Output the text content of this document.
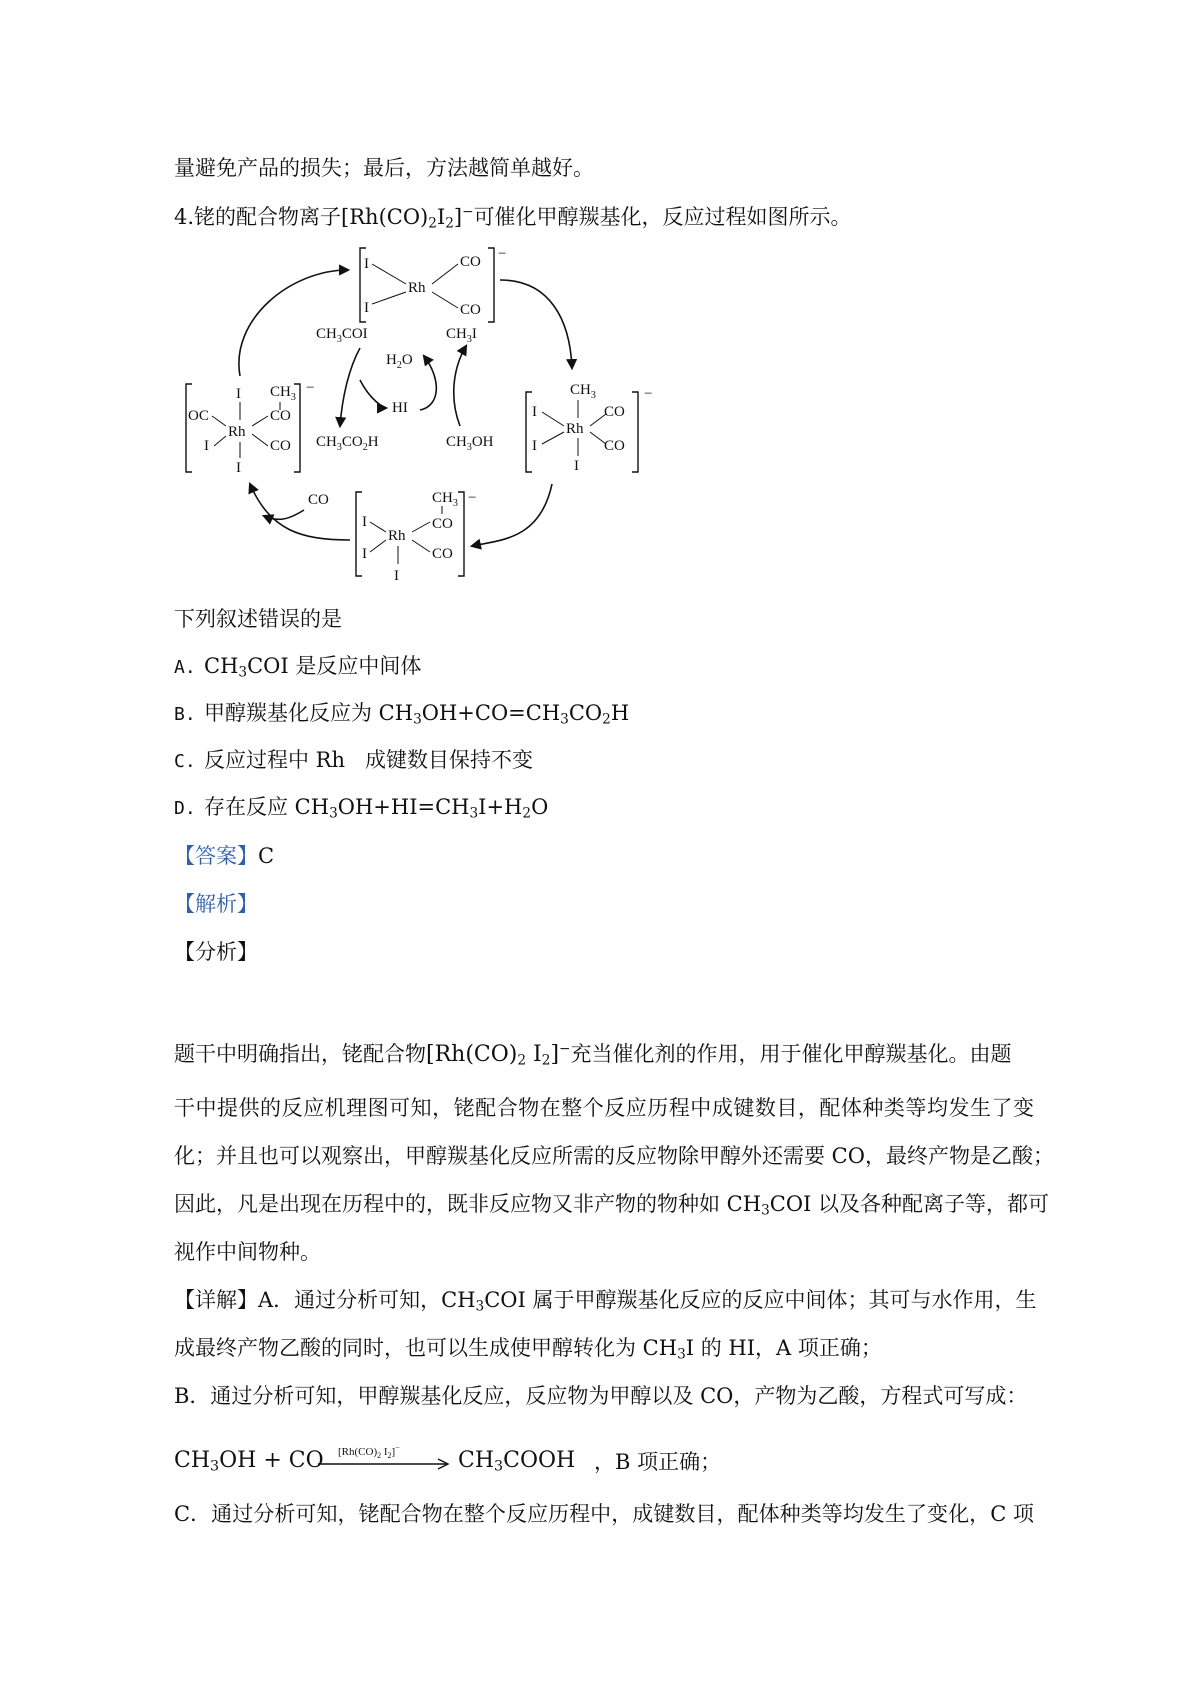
量避免产品的损失；最后，方法越简单越好。
4.铑的配合物离子$[Rh(CO)_2I_2]^-$可催化甲醇羰基化，反应过程如图所示。
I
I
Rh
CO
CO
−
$CH_3$
Rh
I
I
I
CO
CO
−
$CH_3$
CO
Rh
I
I
I
CO
−
I $CH_3$
CO
OC
Rh
I
I
CO
−
$CH_3COI$
$H_2O$
HI
$CH_3CO_2H$
$CH_3I$
$CH_3OH$
CO
下列叙述错误的是
A. $CH_3COI$ 是反应中间体
B. 甲醇羰基化反应为 $CH_3OH+CO=CH_3CO_2H$
C. 反应过程中 Rh   成键数目保持不变
D. 存在反应 $CH_3OH+HI=CH_3I+H_2O$
【答案】C
【解析】
【分析】
题干中明确指出，铑配合物[$Rh(CO)_2$ $I_2]^-$充当催化剂的作用，用于催化甲醇羰基化。由题
干中提供的反应机理图可知，铑配合物在整个反应历程中成键数目，配体种类等均发生了变
化；并且也可以观察出，甲醇羰基化反应所需的反应物除甲醇外还需要 CO，最终产物是乙酸；
因此，凡是出现在历程中的，既非反应物又非产物的物种如 $CH_3COI$ 以及各种配离子等，都可
视作中间物种。
【详解】A．通过分析可知，$CH_3COI$ 属于甲醇羰基化反应的反应中间体；其可与水作用，生
成最终产物乙酸的同时，也可以生成使甲醇转化为 $CH_3I$ 的 HI，A 项正确；
B．通过分析可知，甲醇羰基化反应，反应物为甲醇以及 CO，产物为乙酸，方程式可写成：
$CH_3OH$ + CO [$Rh(CO)_2$ $I_2]^-$
$CH_3COOH$ ，B 项正确；
C．通过分析可知，铑配合物在整个反应历程中，成键数目，配体种类等均发生了变化，C 项
